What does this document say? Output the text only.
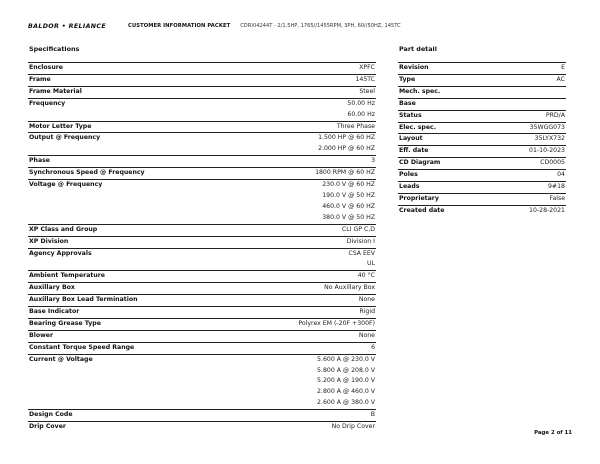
BALDOR • RELIANCE	CUSTOMER INFORMATION PACKET CDRXI4244T - 2/1.5HP, 1765//1455RPM, 3PH, 60//50HZ, 145TC
Specifications
Enclosure	XPFC
Frame	145TC
Frame Material	Steel
Frequency	50.00 Hz
	60.00 Hz
Motor Letter Type	Three Phase
Output @ Frequency	1.500 HP @ 60 HZ
	2.000 HP @ 60 HZ
Phase	3
Synchronous Speed @ Frequency	1800 RPM @ 60 HZ
Voltage @ Frequency	230.0 V @ 60 HZ
	190.0 V @ 50 HZ
	460.0 V @ 60 HZ
	380.0 V @ 50 HZ
XP Class and Group	CLI GP C,D
XP Division	Division I
Agency Approvals	CSA EEV
	UL
Ambient Temperature	40 °C
Auxillary Box	No Auxillary Box
Auxillary Box Lead Termination	None
Base Indicator	Rigid
Bearing Grease Type	Polyrex EM (-20F +300F)
Blower	None
Constant Torque Speed Range	6
Current @ Voltage	5.600 A @ 230.0 V
	5.800 A @ 208.0 V
	5.200 A @ 190.0 V
	2.800 A @ 460.0 V
	2.600 A @ 380.0 V
Design Code	B
Drip Cover	No Drip Cover
Part detail
Revision	E
Type	AC
Mech. spec.	
Base	
Status	PRD/A
Elec. spec.	35WGG073
Layout	35LYX732
Eff. date	01-10-2023
CD Diagram	CD0005
Poles	04
Leads	9#18
Proprietary	False
Created date	10-28-2021
Page 2 of 11
